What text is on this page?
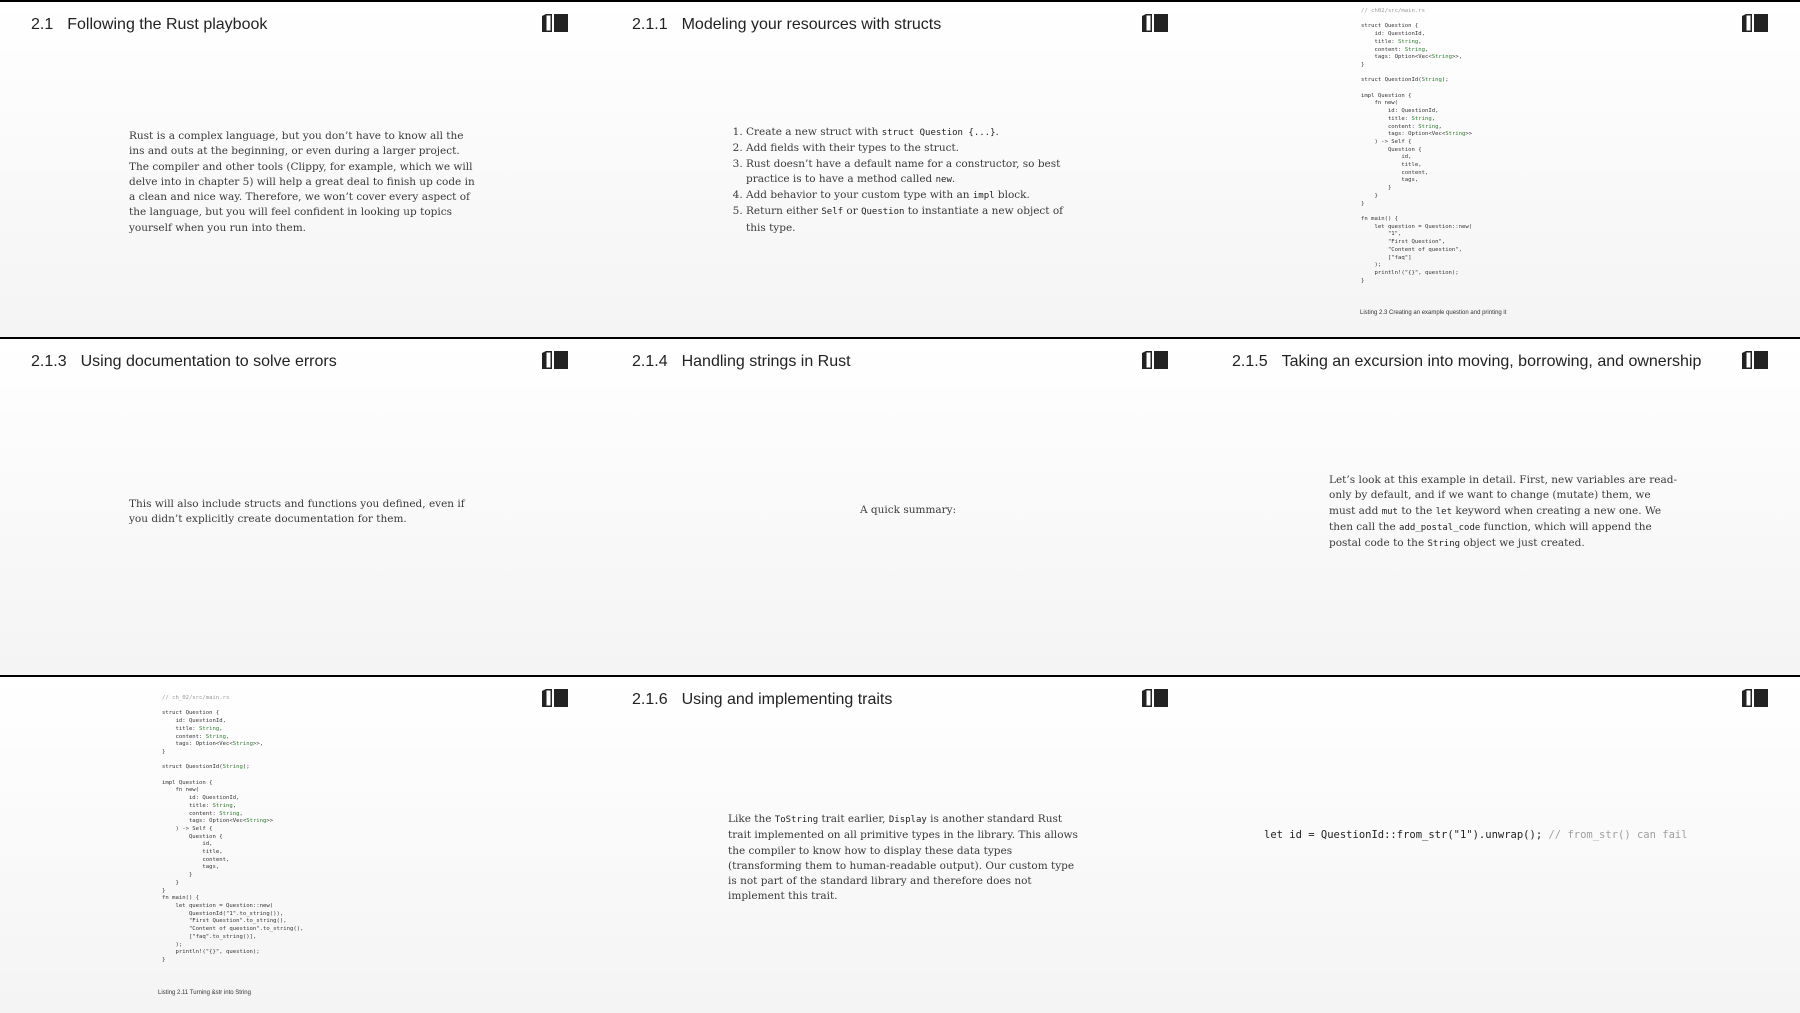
2.1 Following the Rust playbook
Rust is a complex language, but you don’t have to know all the ins and outs at the beginning, or even during a larger project. The compiler and other tools (Clippy, for example, which we will delve into in chapter 5) will help a great deal to finish up code in a clean and nice way. Therefore, we won’t cover every aspect of the language, but you will feel confident in looking up topics yourself when you run into them.
2.1.1 Modeling your resources with structs
1. Create a new struct with struct Question {...}.
2. Add fields with their types to the struct.
3. Rust doesn’t have a default name for a constructor, so best practice is to have a method called new.
4. Add behavior to your custom type with an impl block.
5. Return either Self or Question to instantiate a new object of this type.
// ch02/src/main.rs

struct Question {
id: QuestionId,
title: String,
content: String,
tags: Option<Vec<String>>,
}

struct QuestionId(String);

impl Question {
fn new(
id: QuestionId,
title: String,
content: String,
tags: Option<Vec<String>>
) -> Self {
Question {
id,
title,
content,
tags,
}
}
}

fn main() {
let question = Question::new(
"1",
"First Question",
"Content of question",
["faq"]
);
println!("{}", question);
}
Listing 2.3 Creating an example question and printing it
2.1.3 Using documentation to solve errors
This will also include structs and functions you defined, even if you didn’t explicitly create documentation for them.
2.1.4 Handling strings in Rust
A quick summary:
2.1.5 Taking an excursion into moving, borrowing, and ownership
Let’s look at this example in detail. First, new variables are read-only by default, and if we want to change (mutate) them, we must add mut to the let keyword when creating a new one. We then call the add_postal_code function, which will append the postal code to the String object we just created.
// ch_02/src/main.rs

struct Question {
id: QuestionId,
title: String,
content: String,
tags: Option<Vec<String>>,
}

struct QuestionId(String);

impl Question {
fn new(
id: QuestionId,
title: String,
content: String,
tags: Option<Vec<String>>
) -> Self {
Question {
id,
title,
content,
tags,
}
}
}
fn main() {
let question = Question::new(
QuestionId("1".to_string()),
"First Question".to_string(),
"Content of question".to_string(),
["faq".to_string()],
);
println!("{}", question);
}
Listing 2.11 Turning &str into String
2.1.6 Using and implementing traits
Like the ToString trait earlier, Display is another standard Rust trait implemented on all primitive types in the library. This allows the compiler to know how to display these data types (transforming them to human-readable output). Our custom type is not part of the standard library and therefore does not implement this trait.
let id = QuestionId::from_str("1").unwrap(); // from_str() can fail
